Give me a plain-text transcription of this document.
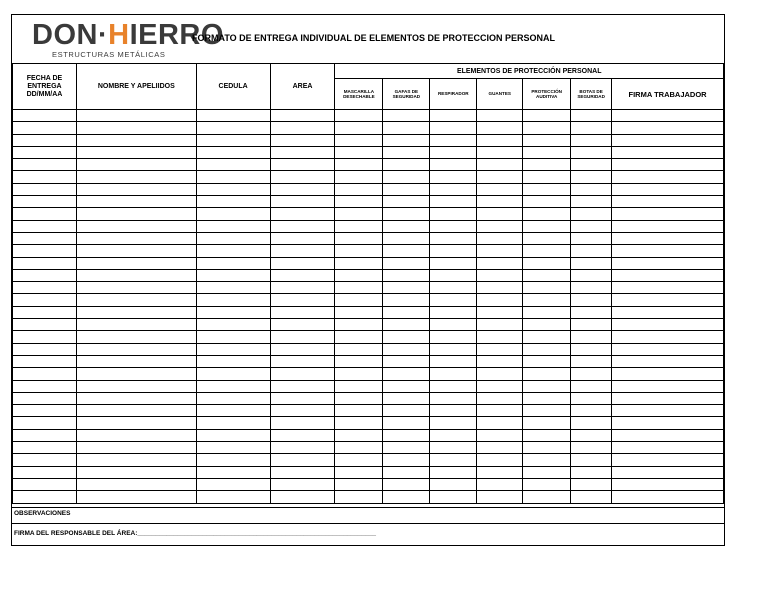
DON·HIERRO
ESTRUCTURAS METÁLICAS
FORMATO DE ENTREGA INDIVIDUAL DE ELEMENTOS DE PROTECCION PERSONAL
FECHA DE ENTREGA DD/MM/AA	NOMBRE Y APELIIDOS	CEDULA	AREA	ELEMENTOS DE PROTECCIÓN PERSONAL						
				MASCARILLA DESECHABLE	GAFAS DE SEGURIDAD	RESPIRADOR	GUANTES	PROTECCIÓN AUDITIVA	BOTAS DE SEGURIDAD	FIRMA TRABAJADOR

OBSERVACIONES
FIRMA DEL RESPONSABLE DEL ÁREA:__________________________________________________________________
